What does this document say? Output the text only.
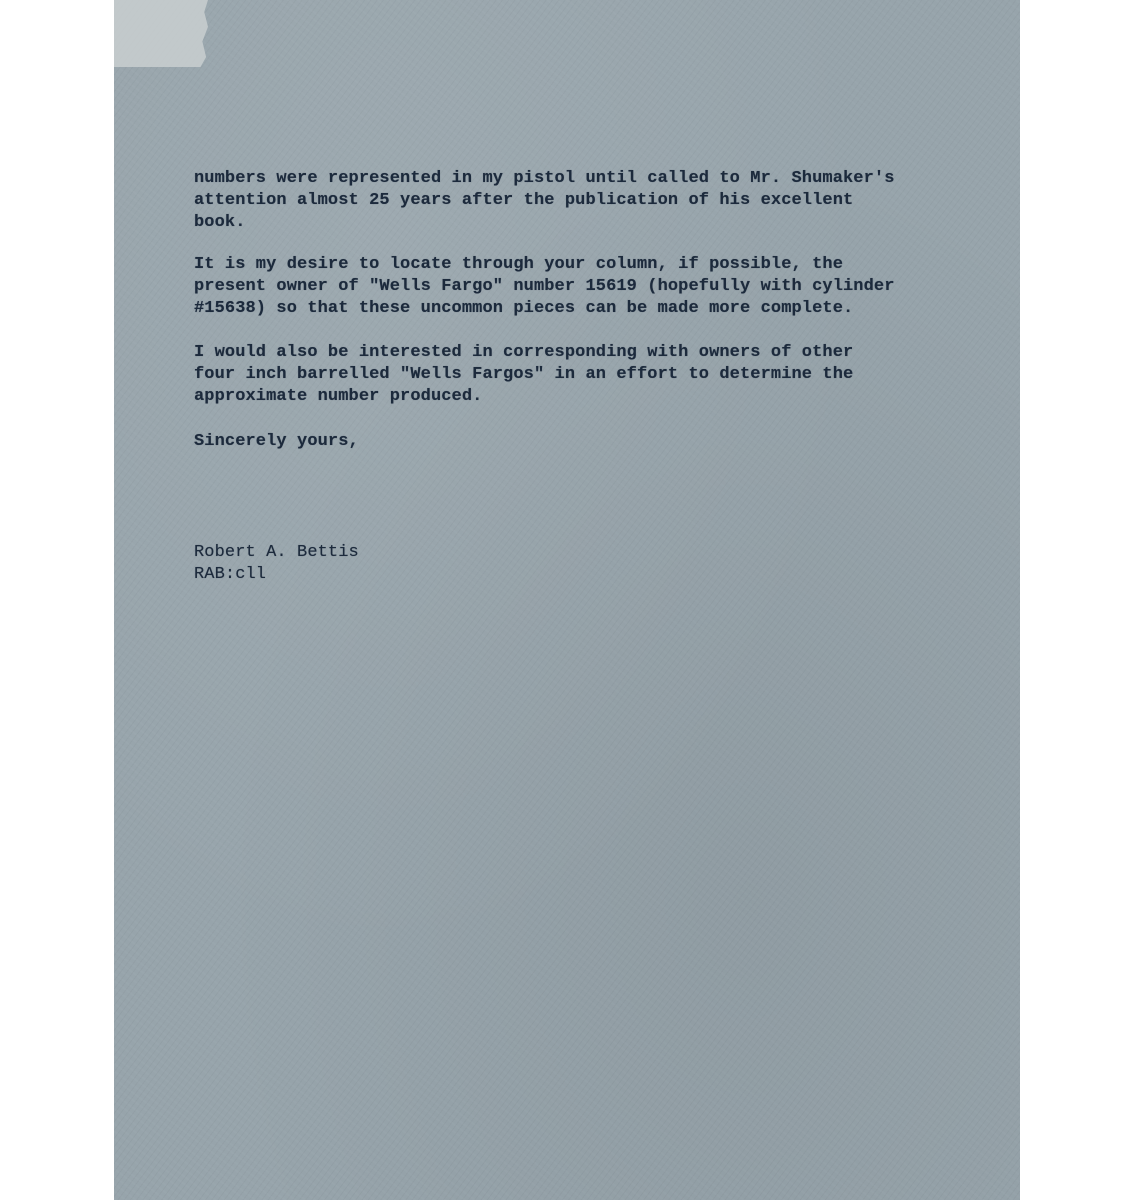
numbers were represented in my pistol until called to Mr. Shumaker's
attention almost 25 years after the publication of his excellent
book.

It is my desire to locate through your column, if possible, the
present owner of "Wells Fargo" number 15619 (hopefully with cylinder
#15638) so that these uncommon pieces can be made more complete.

I would also be interested in corresponding with owners of other
four inch barrelled "Wells Fargos" in an effort to determine the
approximate number produced.

Sincerely yours,

Robert A. Bettis

RAB:cll
